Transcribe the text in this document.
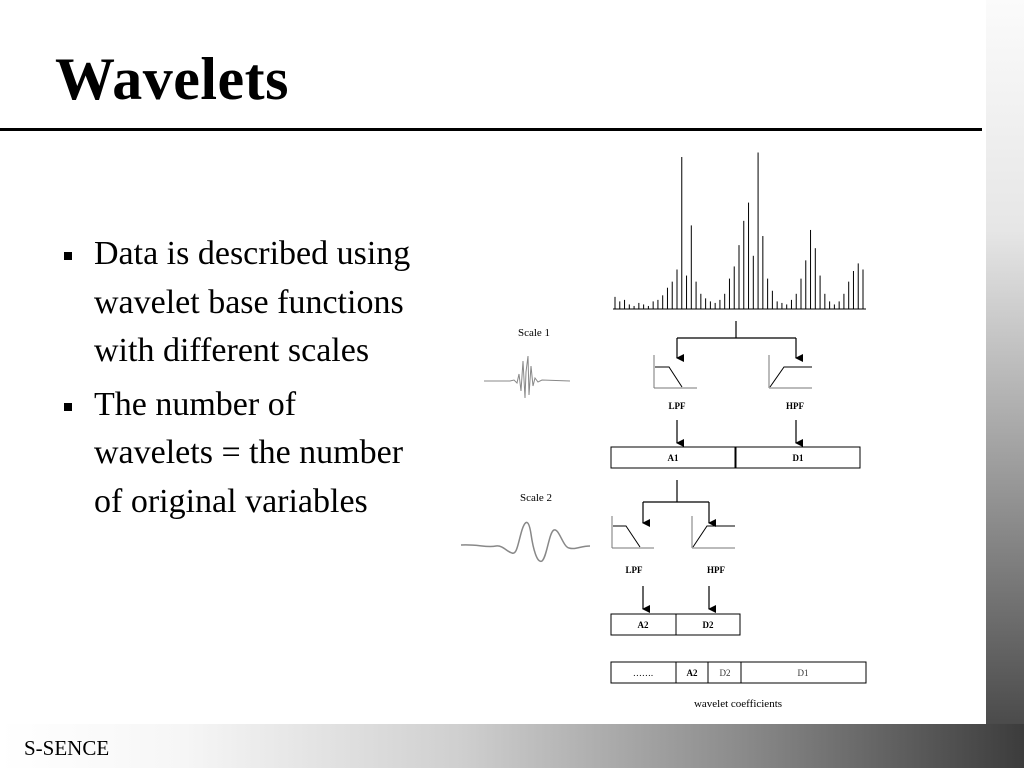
Wavelets
Data is described using wavelet base functions with different scales
The number of wavelets = the number of original variables
LPF	HPF
A1	D1
Scale 1
LPF	HPF
A2	D2
Scale 2
…….	A2 D2	D1
wavelet coefficients
S-SENCE
